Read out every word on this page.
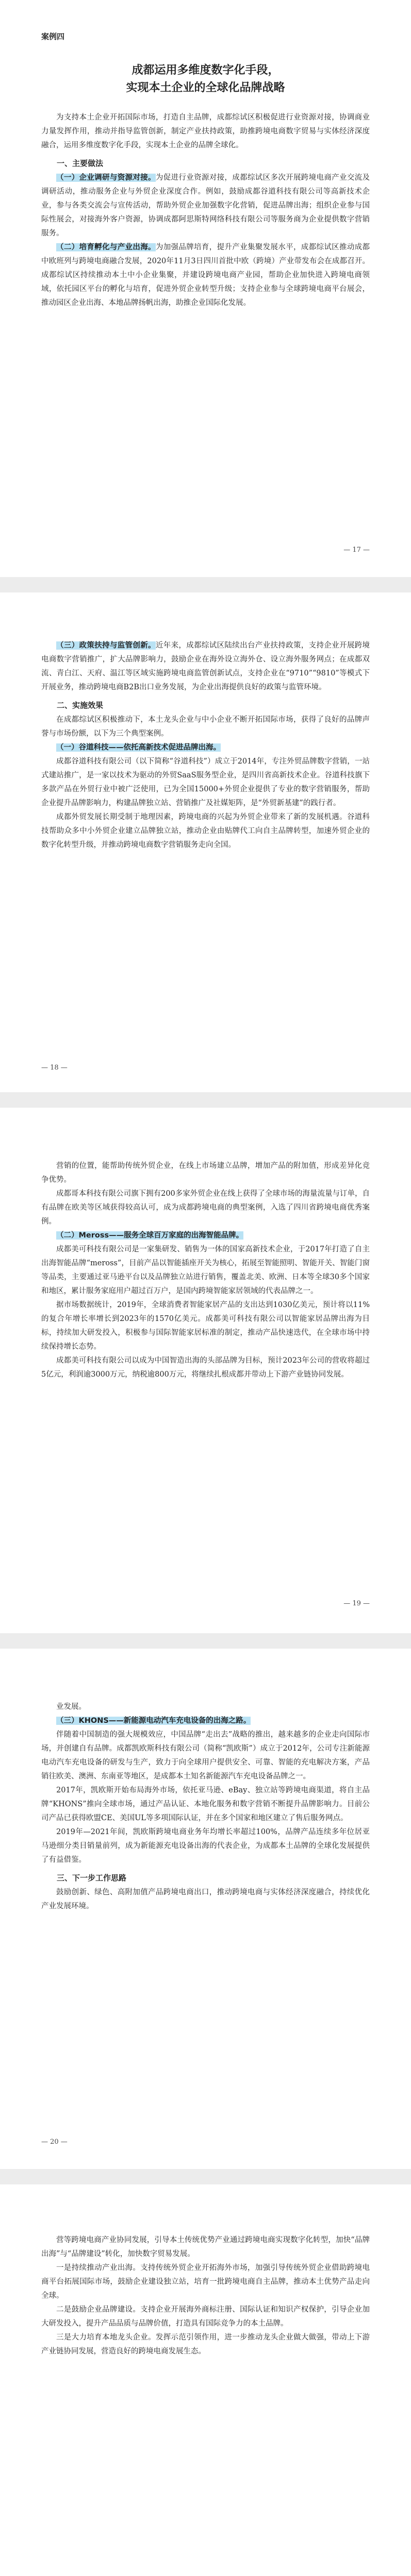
案例四
成都运用多维度数字化手段，
实现本土企业的全球化品牌战略

为支持本土企业开拓国际市场，打造自主品牌，成都综试区积极促进行业资源对接，协调商业力量发挥作用，推动并指导监管创新，制定产业扶持政策，助推跨境电商数字贸易与实体经济深度融合，运用多维度数字化手段，实现本土企业的品牌全球化。

一、主要做法

（一）企业调研与资源对接。为促进行业资源对接，成都综试区多次开展跨境电商产业交流及调研活动，推动服务企业与外贸企业深度合作。例如，鼓励成都谷道科技有限公司等高新技术企业，参与各类交流会与宣传活动，帮助外贸企业加强数字化营销，促进品牌出海；组织企业参与国际性展会，对接海外客户资源，协调成都阿思斯特网络科技有限公司等服务商为企业提供数字营销服务。

（二）培育孵化与产业出海。为加强品牌培育，提升产业集聚发展水平，成都综试区推动成都中欧班列与跨境电商融合发展，2020年11月3日四川首批中欧（跨境）产业带发布会在成都召开。成都综试区持续推动本土中小企业集聚，并建设跨境电商产业园，帮助企业加快进入跨境电商领域，依托园区平台的孵化与培育，促进外贸企业转型升级；支持企业参与全球跨境电商平台展会，推动园区企业出海、本地品牌扬帆出海，助推企业国际化发展。

— 17 —

（三）政策扶持与监管创新。近年来，成都综试区陆续出台产业扶持政策，支持企业开展跨境电商数字营销推广，扩大品牌影响力，鼓励企业在海外设立海外仓、设立海外服务网点；在成都双流、青白江、天府、温江等区域实施跨境电商监管创新试点，支持企业在“9710”“9810”等模式下开展业务，推动跨境电商B2B出口业务发展，为企业出海提供良好的政策与监管环境。

二、实施效果

在成都综试区积极推动下，本土龙头企业与中小企业不断开拓国际市场，获得了良好的品牌声誉与市场份额，以下为三个典型案例。

（一）谷道科技——依托高新技术促进品牌出海。

成都谷道科技有限公司（以下简称“谷道科技”）成立于2014年，专注外贸品牌数字营销，一站式建站推广，是一家以技术为驱动的外贸SaaS服务型企业，是四川省高新技术企业。谷道科技旗下多款产品在外贸行业中被广泛使用，已为全国15000+外贸企业提供了专业的数字营销服务，帮助企业提升品牌影响力，构建品牌独立站、营销推广及社媒矩阵，是“外贸新基建”的践行者。

成都外贸发展长期受制于地理因素，跨境电商的兴起为外贸企业带来了新的发展机遇。谷道科技帮助众多中小外贸企业建立品牌独立站，推动企业由贴牌代工向自主品牌转型，加速外贸企业的数字化转型升级，并推动跨境电商数字营销服务走向全国。

— 18 —

营销的位置，能帮助传统外贸企业，在线上市场建立品牌，增加产品的附加值，形成差异化竞争优势。

成都哥本科技有限公司旗下拥有200多家外贸企业在线上获得了全球市场的海量流量与订单，自有品牌在欧美等区域获得较高认可，成为成都跨境电商的典型案例，入选了四川省跨境电商优秀案例。

（二）Meross——服务全球百万家庭的出海智能品牌。

成都美可科技有限公司是一家集研发、销售为一体的国家高新技术企业，于2017年打造了自主出海智能品牌“meross”，目前产品以智能插座开关为核心，拓展至智能照明、智能开关、智能门窗等品类，主要通过亚马逊平台以及品牌独立站进行销售，覆盖北美、欧洲、日本等全球30多个国家和地区，累计服务家庭用户超过百万户，是国内跨境智能家居领域的代表品牌之一。

据市场数据统计，2019年，全球消费者智能家居产品的支出达到1030亿美元，预计将以11%的复合年增长率增长到2023年的1570亿美元。成都美可科技有限公司以智能家居品牌出海为目标，持续加大研发投入，积极参与国际智能家居标准的制定，推动产品快速迭代，在全球市场中持续保持增长态势。

成都美可科技有限公司以成为中国智造出海的头部品牌为目标，预计2023年公司的营收将超过5亿元，利润逾3000万元，纳税逾800万元，将继续扎根成都并带动上下游产业链协同发展。

— 19 —

业发展。

（三）KHONS——新能源电动汽车充电设备的出海之路。

伴随着中国制造的强大规模效应，中国品牌“走出去”战略的推出，越来越多的企业走向国际市场，并创建自有品牌。成都凯欧斯科技有限公司（简称“凯欧斯”）成立于2012年，公司专注新能源电动汽车充电设备的研发与生产，致力于向全球用户提供安全、可靠、智能的充电解决方案，产品销往欧美、澳洲、东南亚等地区，是成都本土知名新能源汽车充电设备品牌之一。

2017年，凯欧斯开始布局海外市场，依托亚马逊、eBay、独立站等跨境电商渠道，将自主品牌“KHONS”推向全球市场，通过产品认证、本地化服务和数字营销不断提升品牌影响力。目前公司产品已获得欧盟CE、美国UL等多项国际认证，并在多个国家和地区建立了售后服务网点。

2019年—2021年间，凯欧斯跨境电商业务年均增长率超过100%，品牌产品连续多年位居亚马逊细分类目销量前列，成为新能源充电设备出海的代表企业，为成都本土品牌的全球化发展提供了有益借鉴。

三、下一步工作思路

鼓励创新、绿色、高附加值产品跨境电商出口，推动跨境电商与实体经济深度融合，持续优化产业发展环境。

— 20 —

营等跨境电商产业协同发展，引导本土传统优势产业通过跨境电商实现数字化转型，加快“品牌出海”与“品牌建设”转化，加快数字贸易发展。

一是持续推动产业出海。支持传统外贸企业开拓海外市场，加强引导传统外贸企业借助跨境电商平台拓展国际市场，鼓励企业建设独立站，培育一批跨境电商自主品牌，推动本土优势产品走向全球。

二是鼓励企业品牌建设。支持企业开展海外商标注册、国际认证和知识产权保护，引导企业加大研发投入，提升产品品质与品牌价值，打造具有国际竞争力的本土品牌。

三是大力培育本地龙头企业。发挥示范引领作用，进一步推动龙头企业做大做强，带动上下游产业链协同发展，营造良好的跨境电商发展生态。
